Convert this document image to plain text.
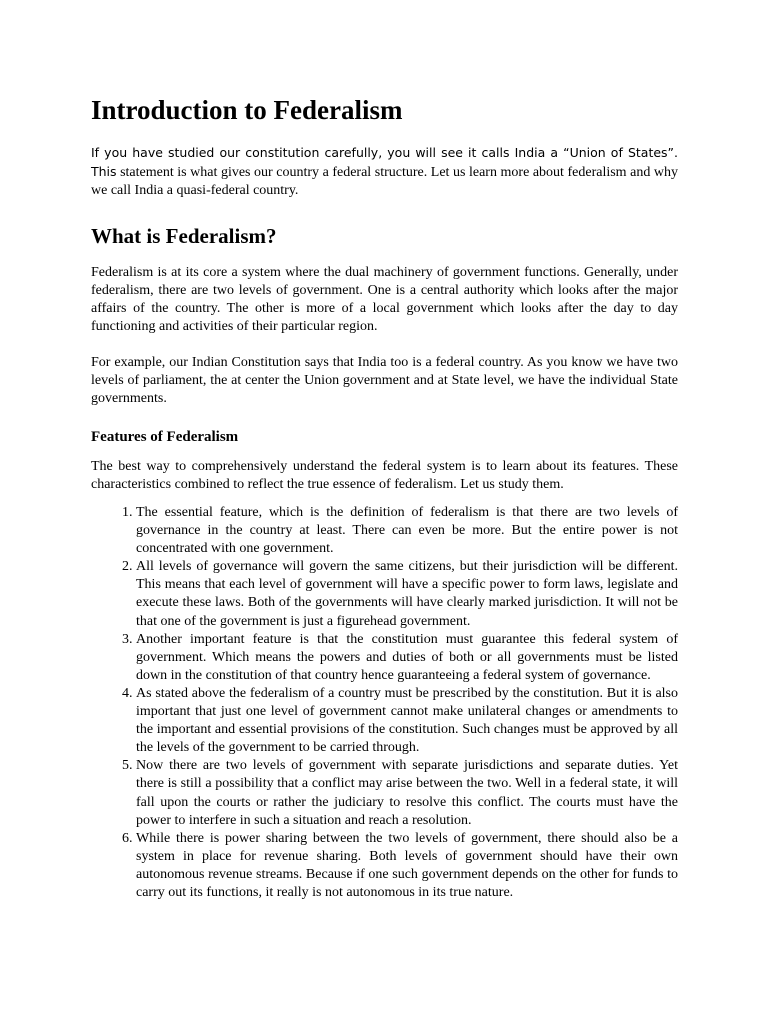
Introduction to Federalism

If you have studied our constitution carefully, you will see it calls India a “Union of States”. This statement is what gives our country a federal structure. Let us learn more about federalism and why we call India a quasi-federal country.

What is Federalism?

Federalism is at its core a system where the dual machinery of government functions. Generally, under federalism, there are two levels of government. One is a central authority which looks after the major affairs of the country. The other is more of a local government which looks after the day to day functioning and activities of their particular region.

For example, our Indian Constitution says that India too is a federal country. As you know we have two levels of parliament, the at center the Union government and at State level, we have the individual State governments.

Features of Federalism

The best way to comprehensively understand the federal system is to learn about its features. These characteristics combined to reflect the true essence of federalism. Let us study them.

1. The essential feature, which is the definition of federalism is that there are two levels of governance in the country at least. There can even be more. But the entire power is not concentrated with one government.
2. All levels of governance will govern the same citizens, but their jurisdiction will be different. This means that each level of government will have a specific power to form laws, legislate and execute these laws. Both of the governments will have clearly marked jurisdiction. It will not be that one of the government is just a figurehead government.
3. Another important feature is that the constitution must guarantee this federal system of government. Which means the powers and duties of both or all governments must be listed down in the constitution of that country hence guaranteeing a federal system of governance.
4. As stated above the federalism of a country must be prescribed by the constitution. But it is also important that just one level of government cannot make unilateral changes or amendments to the important and essential provisions of the constitution. Such changes must be approved by all the levels of the government to be carried through.
5. Now there are two levels of government with separate jurisdictions and separate duties. Yet there is still a possibility that a conflict may arise between the two. Well in a federal state, it will fall upon the courts or rather the judiciary to resolve this conflict. The courts must have the power to interfere in such a situation and reach a resolution.
6. While there is power sharing between the two levels of government, there should also be a system in place for revenue sharing. Both levels of government should have their own autonomous revenue streams. Because if one such government depends on the other for funds to carry out its functions, it really is not autonomous in its true nature.
